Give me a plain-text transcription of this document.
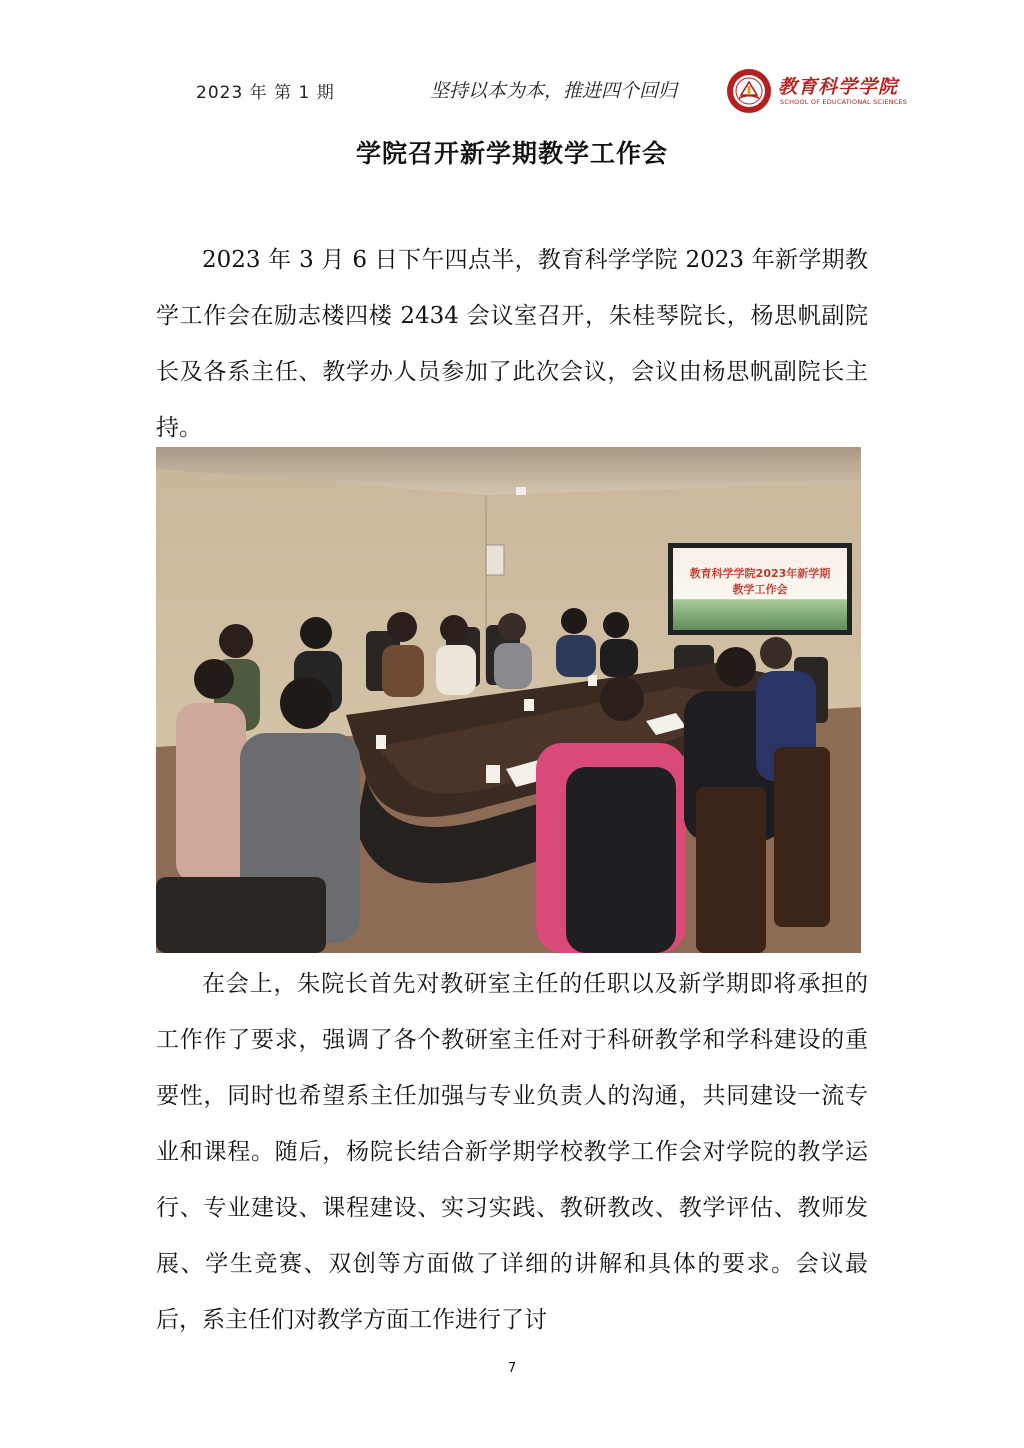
2023 年 第 1 期	坚持以本为本，推进四个回归	教育科学学院
SCHOOL OF EDUCATIONAL SCIENCES
学院召开新学期教学工作会

2023 年 3 月 6 日下午四点半，教育科学学院 2023 年新学期教学工作会在励志楼四楼 2434 会议室召开，朱桂琴院长，杨思帆副院长及各系主任、教学办人员参加了此次会议，会议由杨思帆副院长主持。

教育科学学院2023年新学期
教学工作会

在会上，朱院长首先对教研室主任的任职以及新学期即将承担的工作作了要求，强调了各个教研室主任对于科研教学和学科建设的重要性，同时也希望系主任加强与专业负责人的沟通，共同建设一流专业和课程。随后，杨院长结合新学期学校教学工作会对学院的教学运行、专业建设、课程建设、实习实践、教研教改、教学评估、教师发展、学生竞赛、双创等方面做了详细的讲解和具体的要求。会议最后，系主任们对教学方面工作进行了讨

7
